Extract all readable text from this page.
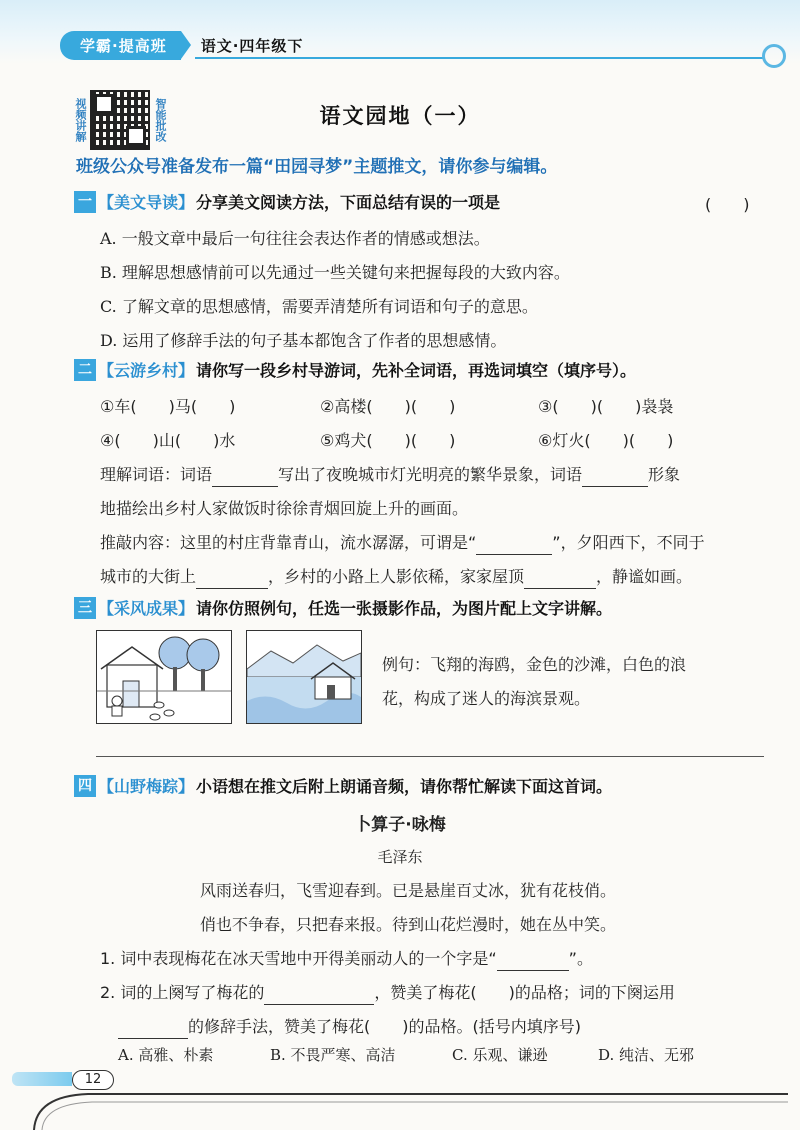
学霸·提高班	语文·四年级下
视频讲解	智能批改	语文园地（一）
班级公众号准备发布一篇“田园寻梦”主题推文，请你参与编辑。
一 【美文导读】 分享美文阅读方法，下面总结有误的一项是	(　　)
A. 一般文章中最后一句往往会表达作者的情感或想法。
B. 理解思想感情前可以先通过一些关键句来把握每段的大致内容。
C. 了解文章的思想感情，需要弄清楚所有词语和句子的意思。
D. 运用了修辞手法的句子基本都饱含了作者的思想感情。
二 【云游乡村】 请你写一段乡村导游词，先补全词语，再选词填空（填序号）。
①车(　　)马(　　)	②高楼(　　)(　　)	③(　　)(　　)袅袅
④(　　)山(　　)水	⑤鸡犬(　　)(　　)	⑥灯火(　　)(　　)
理解词语：词语	写出了夜晚城市灯光明亮的繁华景象，词语	形象
地描绘出乡村人家做饭时徐徐青烟回旋上升的画面。
推敲内容：这里的村庄背靠青山，流水潺潺，可谓是“	”，夕阳西下，不同于
城市的大街上	，乡村的小路上人影依稀，家家屋顶	，静谧如画。
三 【采风成果】 请你仿照例句，任选一张摄影作品，为图片配上文字讲解。
例句：飞翔的海鸥，金色的沙滩，白色的浪
花，构成了迷人的海滨景观。
四 【山野梅踪】 小语想在推文后附上朗诵音频，请你帮忙解读下面这首词。
卜算子·咏梅
毛泽东
风雨送春归，飞雪迎春到。已是悬崖百丈冰，犹有花枝俏。
俏也不争春，只把春来报。待到山花烂漫时，她在丛中笑。
1. 词中表现梅花在冰天雪地中开得美丽动人的一个字是“	”。
2. 词的上阕写了梅花的	，赞美了梅花(　　)的品格；词的下阕运用
的修辞手法，赞美了梅花(　　)的品格。(括号内填序号)
A. 高雅、朴素	B. 不畏严寒、高洁	C. 乐观、谦逊	D. 纯洁、无邪
12
